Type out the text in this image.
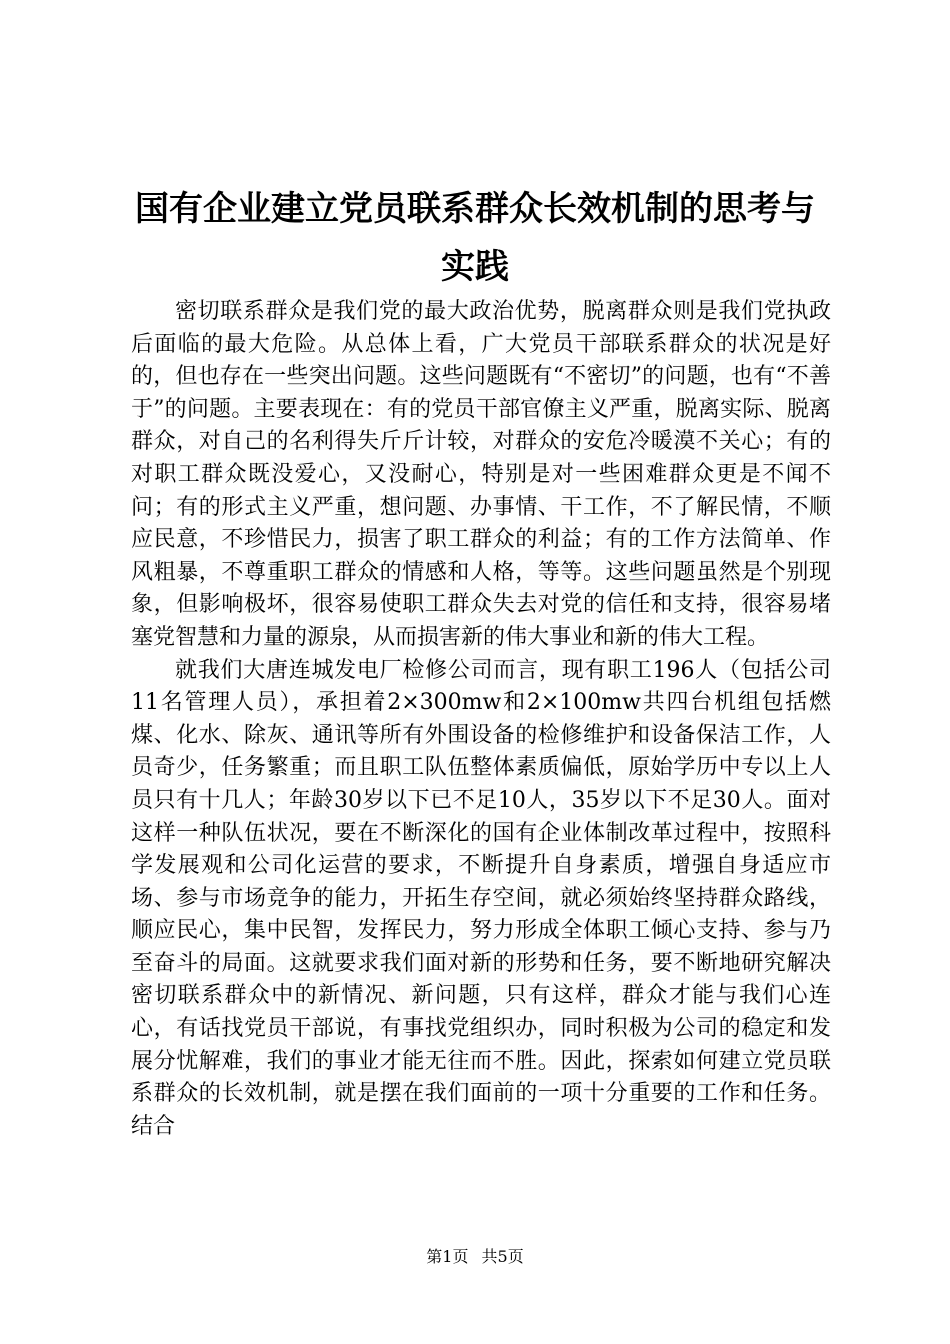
国有企业建立党员联系群众长效机制的思考与
实践

密切联系群众是我们党的最大政治优势，脱离群众则是我们党执政后面临的最大危险。从总体上看，广大党员干部联系群众的状况是好的，但也存在一些突出问题。这些问题既有“不密切”的问题，也有“不善于”的问题。主要表现在：有的党员干部官僚主义严重，脱离实际、脱离群众，对自己的名利得失斤斤计较，对群众的安危冷暖漠不关心；有的对职工群众既没爱心，又没耐心，特别是对一些困难群众更是不闻不问；有的形式主义严重，想问题、办事情、干工作，不了解民情，不顺应民意，不珍惜民力，损害了职工群众的利益；有的工作方法简单、作风粗暴，不尊重职工群众的情感和人格，等等。这些问题虽然是个别现象，但影响极坏，很容易使职工群众失去对党的信任和支持，很容易堵塞党智慧和力量的源泉，从而损害新的伟大事业和新的伟大工程。

就我们大唐连城发电厂检修公司而言，现有职工196人（包括公司11名管理人员），承担着2×300mw和2×100mw共四台机组包括燃煤、化水、除灰、通讯等所有外围设备的检修维护和设备保洁工作，人员奇少，任务繁重；而且职工队伍整体素质偏低，原始学历中专以上人员只有十几人；年龄30岁以下已不足10人，35岁以下不足30人。面对这样一种队伍状况，要在不断深化的国有企业体制改革过程中，按照科学发展观和公司化运营的要求，不断提升自身素质，增强自身适应市场、参与市场竞争的能力，开拓生存空间，就必须始终坚持群众路线，顺应民心，集中民智，发挥民力，努力形成全体职工倾心支持、参与乃至奋斗的局面。这就要求我们面对新的形势和任务，要不断地研究解决密切联系群众中的新情况、新问题，只有这样，群众才能与我们心连心，有话找党员干部说，有事找党组织办，同时积极为公司的稳定和发展分忧解难，我们的事业才能无往而不胜。因此，探索如何建立党员联系群众的长效机制，就是摆在我们面前的一项十分重要的工作和任务。结合

第1页 共5页
